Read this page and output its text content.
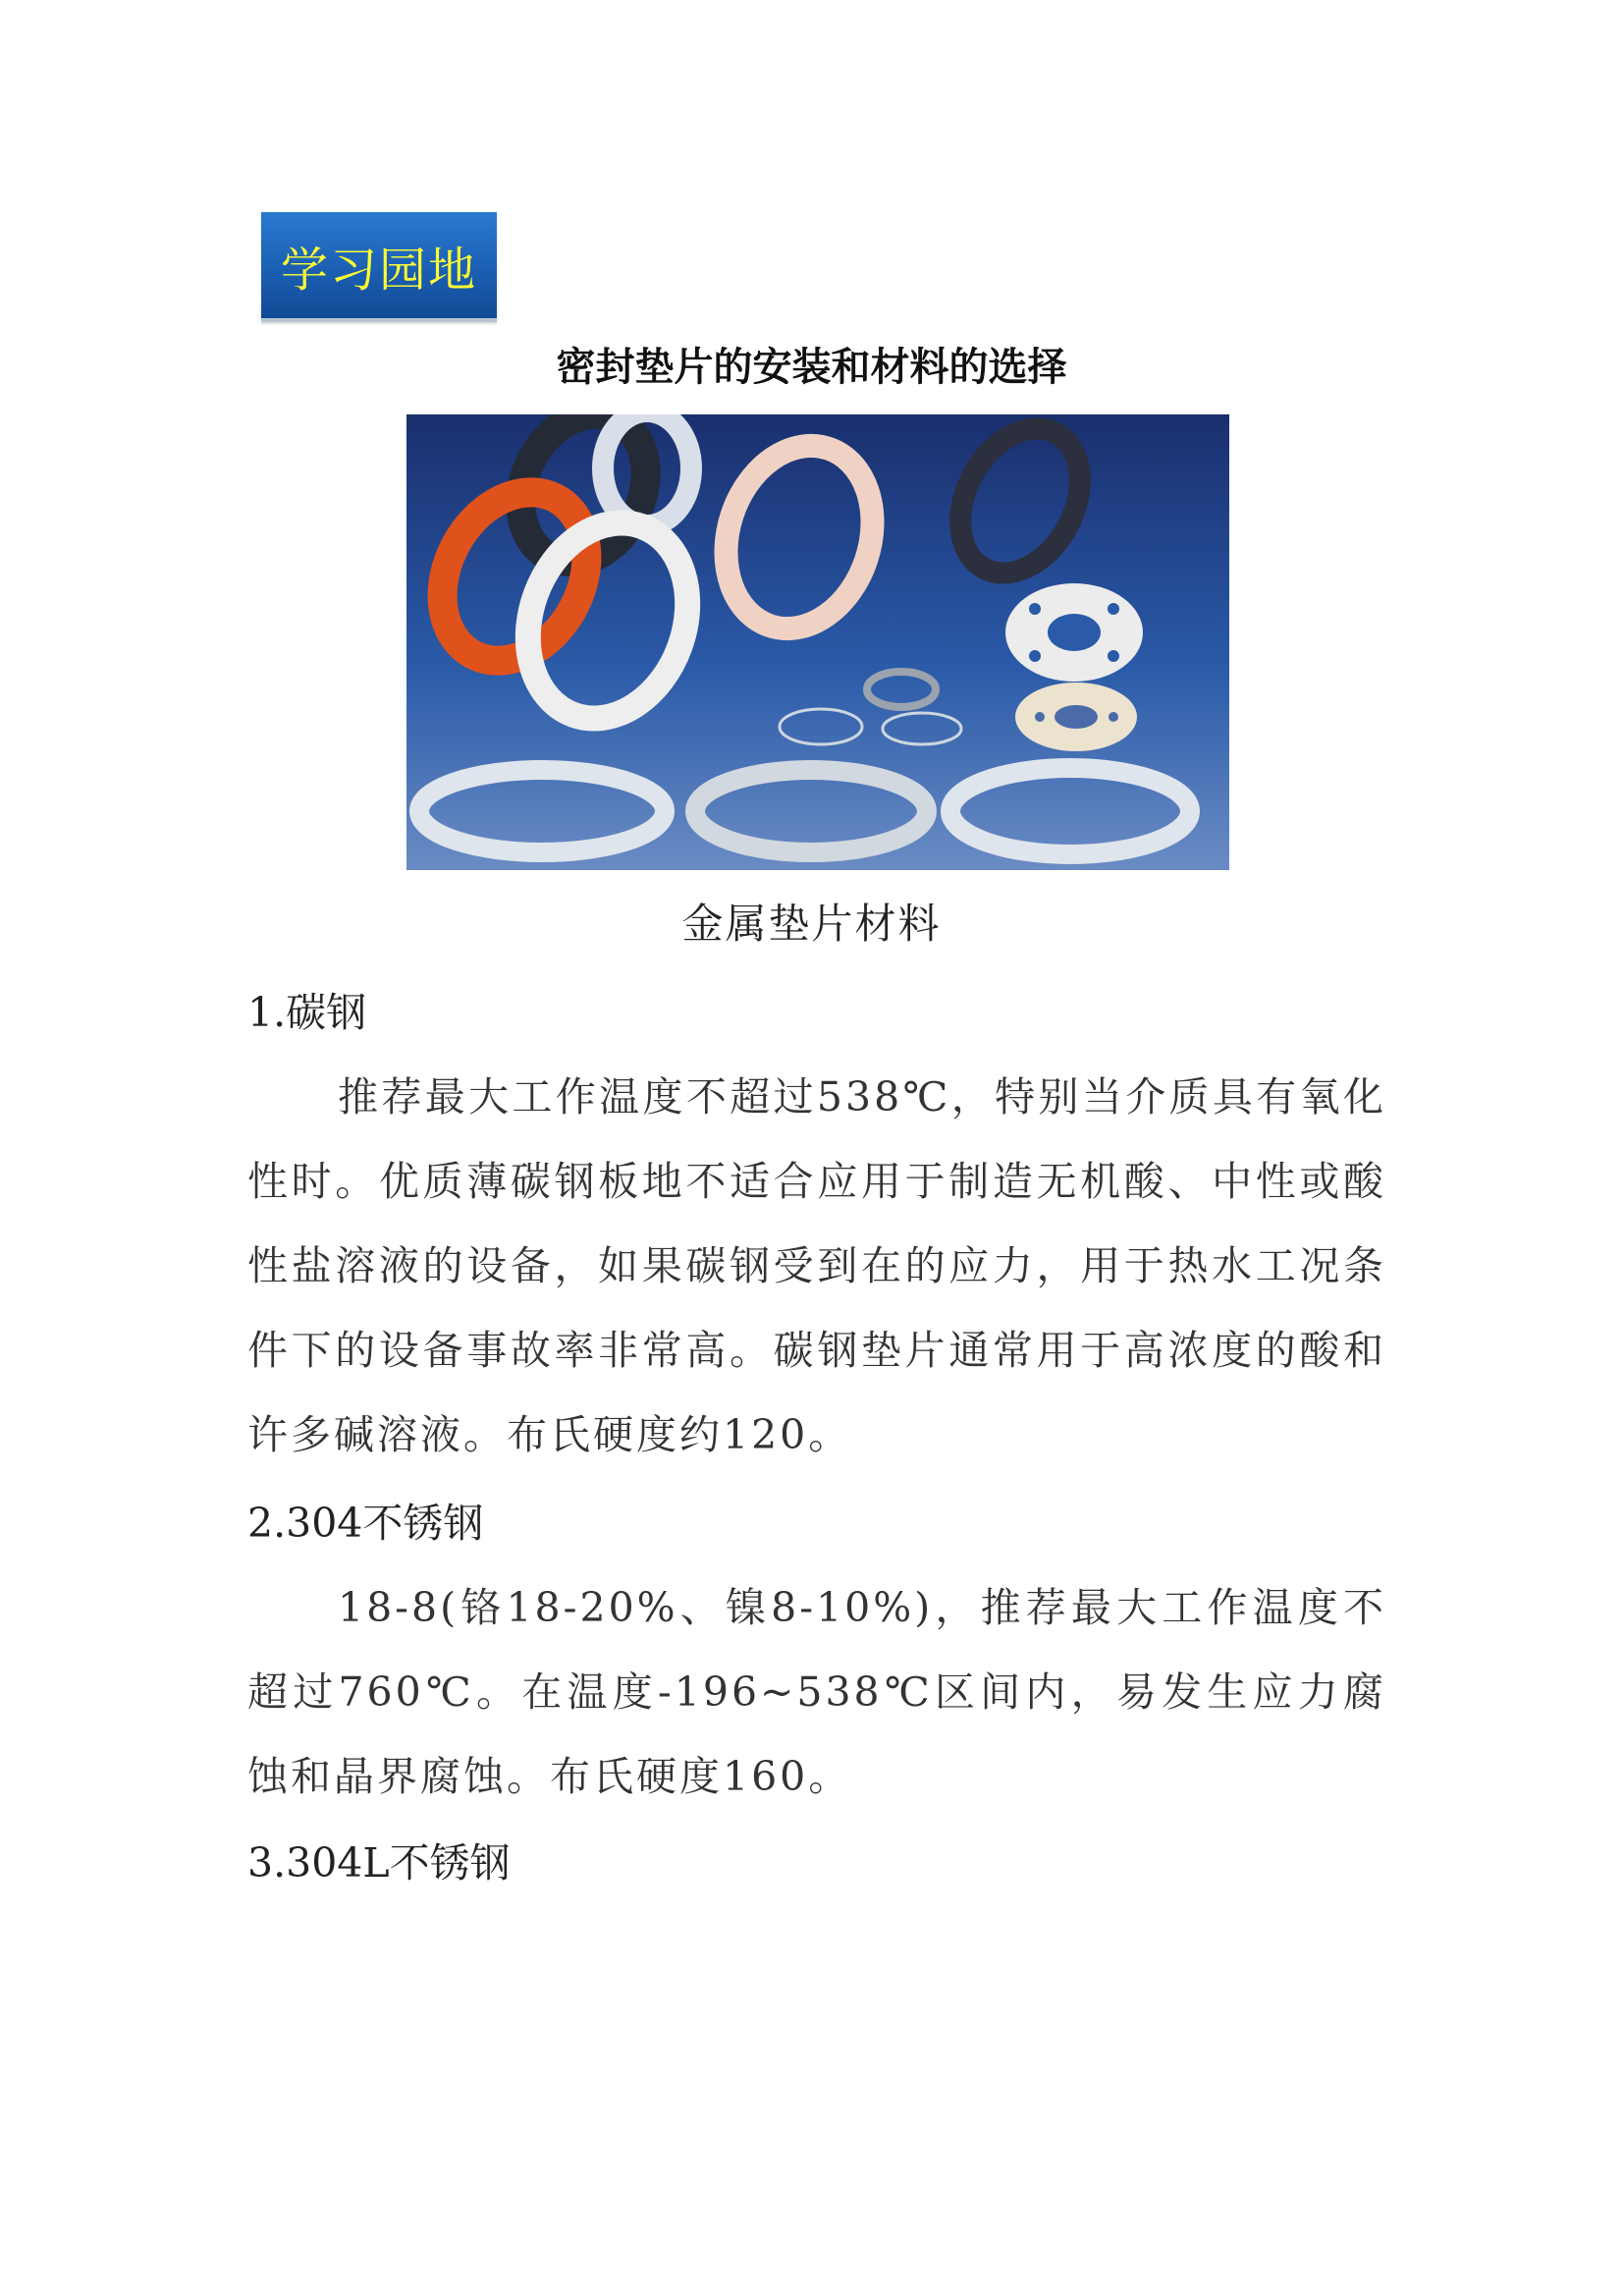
学习园地
密封垫片的安装和材料的选择
金属垫片材料
1.碳钢

推荐最大工作温度不超过538℃，特别当介质具有氧化性时。优质薄碳钢板地不适合应用于制造无机酸、中性或酸性盐溶液的设备，如果碳钢受到在的应力，用于热水工况条件下的设备事故率非常高。碳钢垫片通常用于高浓度的酸和许多碱溶液。布氏硬度约120。

2.304不锈钢

18-8(铬18-20%、镍8-10%)，推荐最大工作温度不超过760℃。在温度-196~538℃区间内，易发生应力腐蚀和晶界腐蚀。布氏硬度160。

3.304L不锈钢
